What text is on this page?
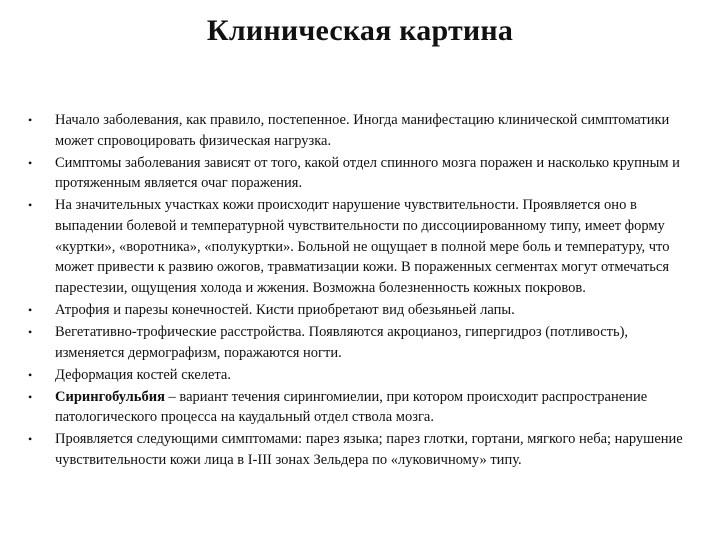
Клиническая картина
• Начало заболевания, как правило, постепенное. Иногда манифестацию клинической симптоматики может спровоцировать физическая нагрузка.
• Симптомы заболевания зависят от того, какой отдел спинного мозга поражен и насколько крупным и протяженным является очаг поражения.
• На значительных участках кожи происходит нарушение чувствительности. Проявляется оно в выпадении болевой и температурной чувствительности по диссоциированному типу, имеет форму «куртки», «воротника», «полукуртки». Больной не ощущает в полной мере боль и температуру, что может привести к развию ожогов, травматизации кожи. В пораженных сегментах могут отмечаться парестезии, ощущения холода и жжения. Возможна болезненность кожных покровов.
• Атрофия и парезы конечностей. Кисти приобретают вид обезьяньей лапы.
• Вегетативно-трофические расстройства. Появляются акроцианоз, гипергидроз (потливость), изменяется дермографизм, поражаются ногти.
• Деформация костей скелета.
• Сирингобульбия – вариант течения сирингомиелии, при котором происходит распространение патологического процесса на каудальный отдел ствола мозга.
• Проявляется следующими симптомами: парез языка; парез глотки, гортани, мягкого неба; нарушение чувствительности кожи лица в I-III зонах Зельдера по «луковичному» типу.
